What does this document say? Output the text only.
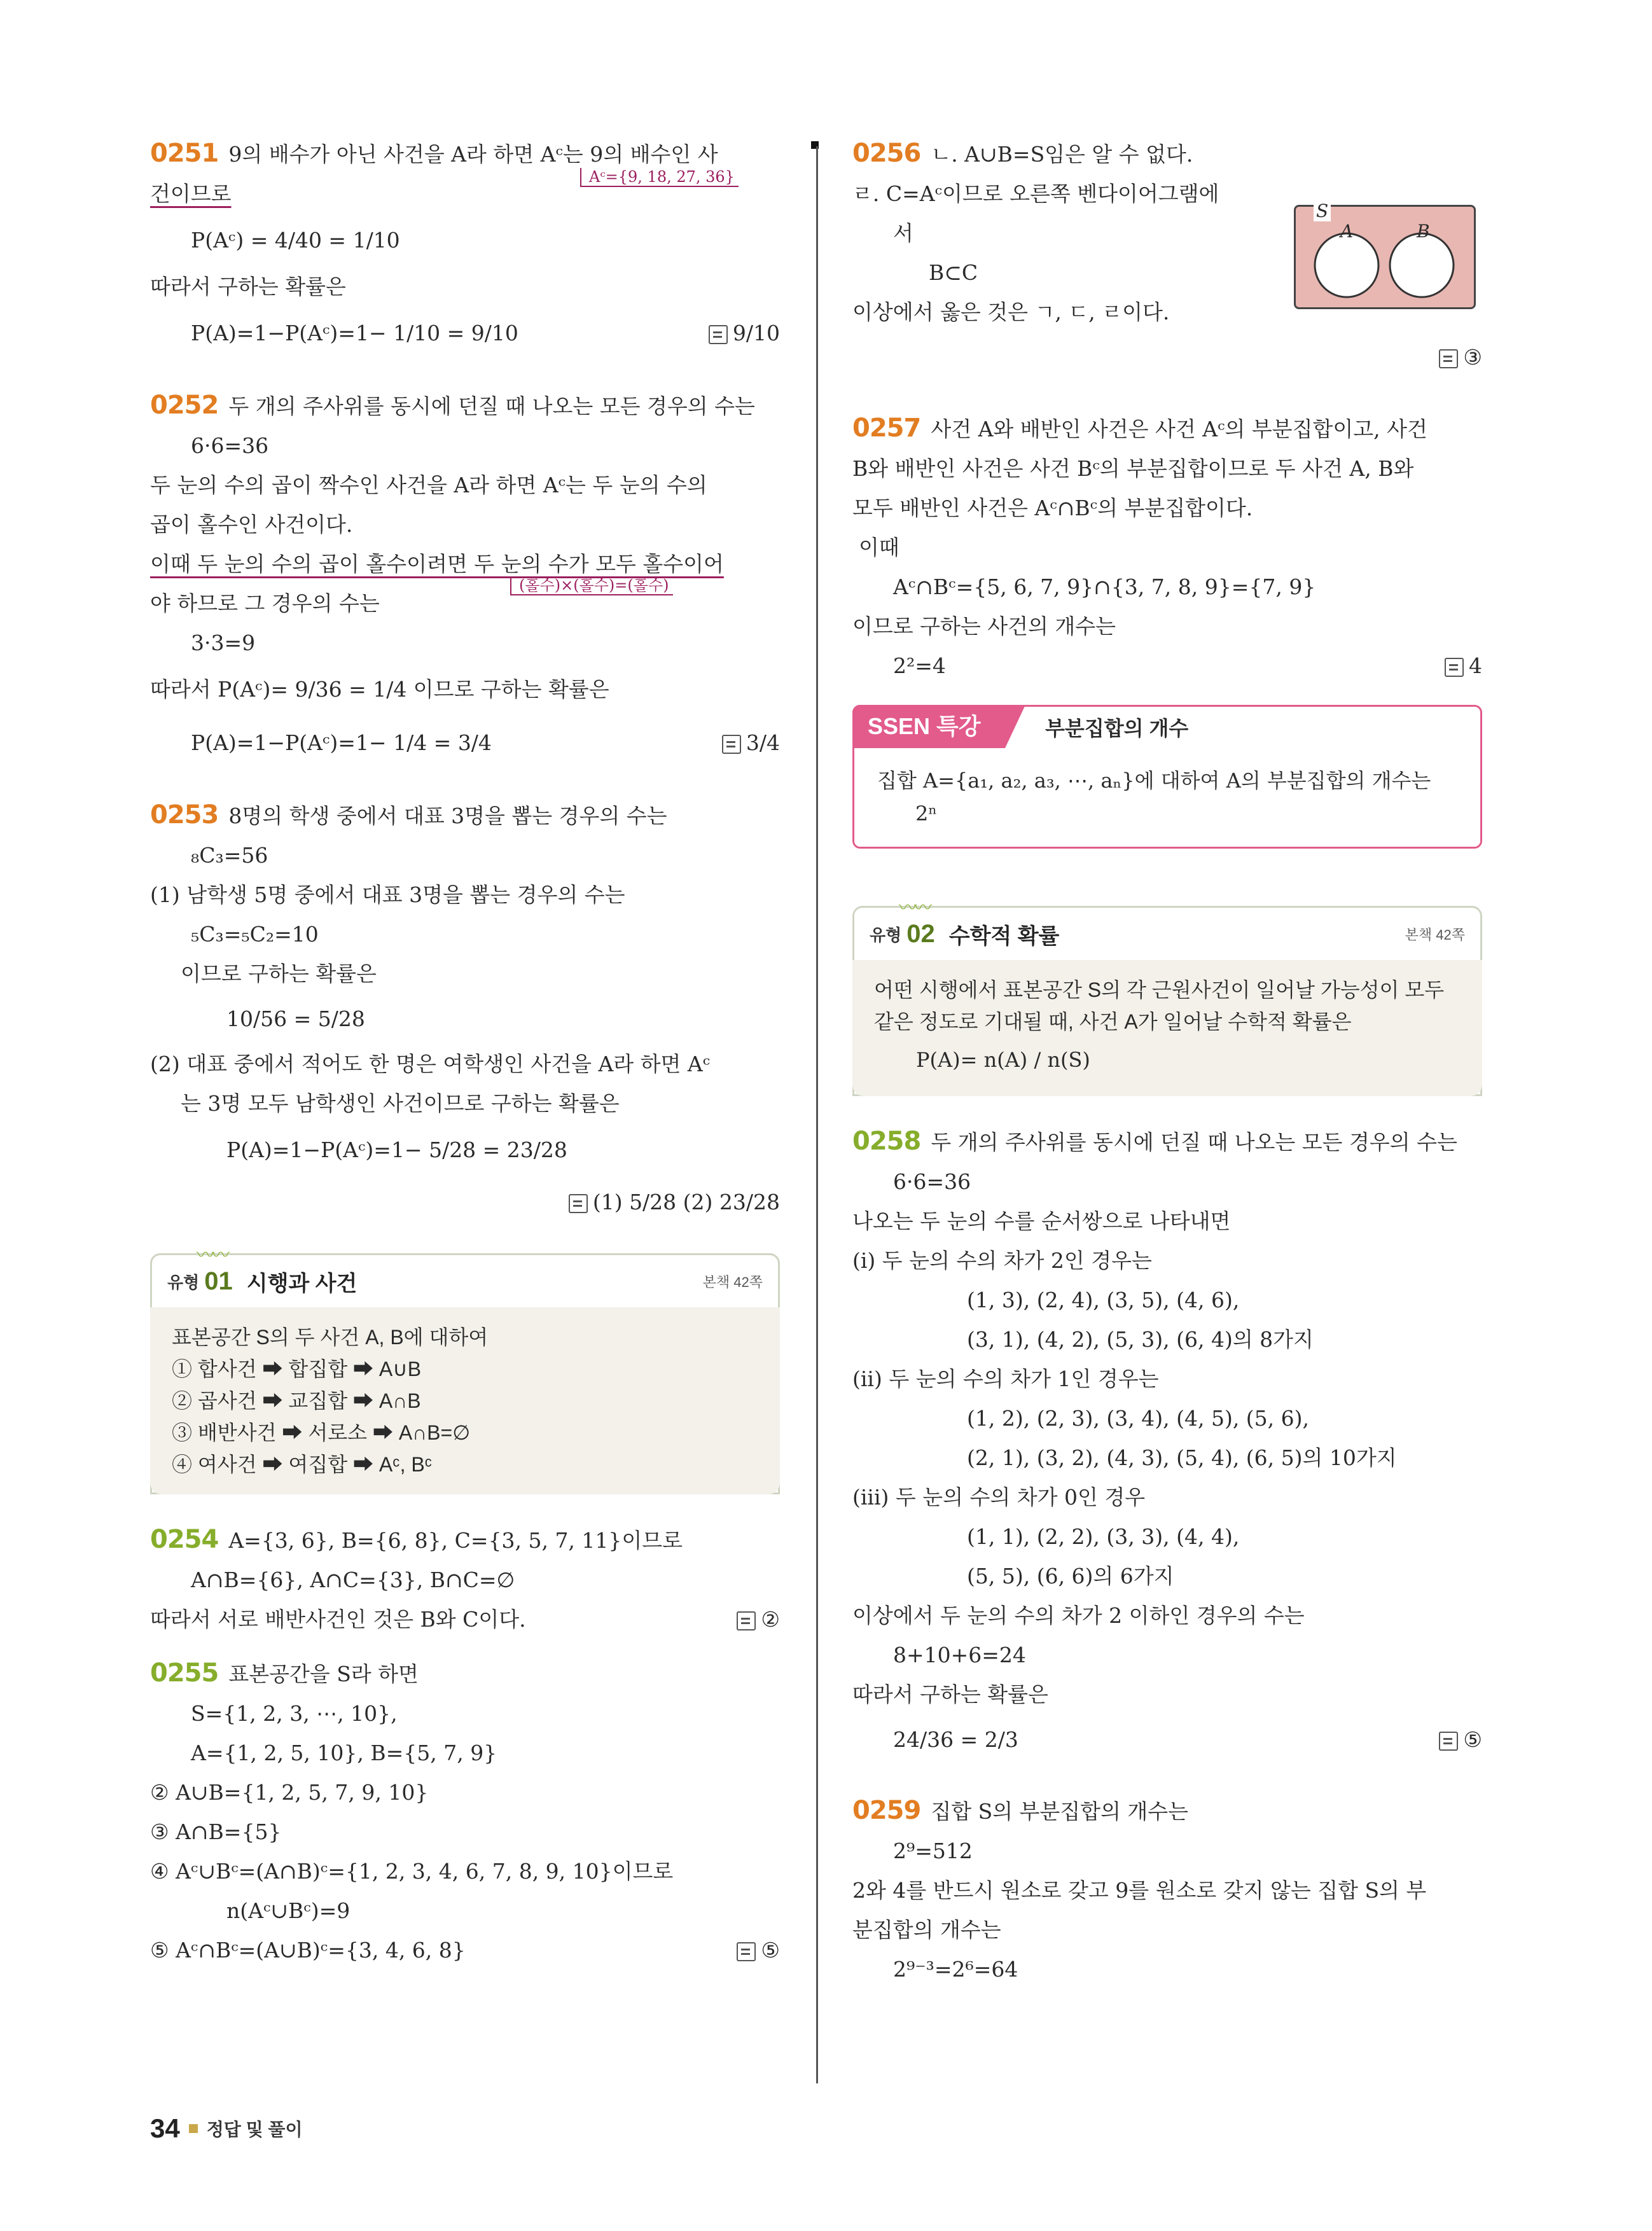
0251 9의 배수가 아닌 사건을 A라 하면 Aᶜ는 9의 배수인 사
Aᶜ={9, 18, 27, 36}
건이므로
P(Aᶜ) = 4/40 = 1/10
따라서 구하는 확률은
P(A)=1−P(Aᶜ)=1− 1/10 = 9/10	9/10
0252 두 개의 주사위를 동시에 던질 때 나오는 모든 경우의 수는
6·6=36
두 눈의 수의 곱이 짝수인 사건을 A라 하면 Aᶜ는 두 눈의 수의
곱이 홀수인 사건이다.
이때 두 눈의 수의 곱이 홀수이려면 두 눈의 수가 모두 홀수이어
(홀수)×(홀수)=(홀수)
야 하므로 그 경우의 수는
3·3=9
따라서 P(Aᶜ)= 9/36 = 1/4 이므로 구하는 확률은
P(A)=1−P(Aᶜ)=1− 1/4 = 3/4	3/4
0253 8명의 학생 중에서 대표 3명을 뽑는 경우의 수는
₈C₃=56
(1) 남학생 5명 중에서 대표 3명을 뽑는 경우의 수는
₅C₃=₅C₂=10
이므로 구하는 확률은
10/56 = 5/28
(2) 대표 중에서 적어도 한 명은 여학생인 사건을 A라 하면 Aᶜ
는 3명 모두 남학생인 사건이므로 구하는 확률은
P(A)=1−P(Aᶜ)=1− 5/28 = 23/28
(1) 5/28 (2) 23/28
〰〰
유형 01 시행과 사건	본책 42쪽
표본공간 S의 두 사건 A, B에 대하여
① 합사건 ➡ 합집합 ➡ A∪B
② 곱사건 ➡ 교집합 ➡ A∩B
③ 배반사건 ➡ 서로소 ➡ A∩B=∅
④ 여사건 ➡ 여집합 ➡ Aᶜ, Bᶜ
0254 A={3, 6}, B={6, 8}, C={3, 5, 7, 11}이므로
A∩B={6}, A∩C={3}, B∩C=∅
따라서 서로 배반사건인 것은 B와 C이다.	②
0255 표본공간을 S라 하면
S={1, 2, 3, ⋯, 10},
A={1, 2, 5, 10}, B={5, 7, 9}
② A∪B={1, 2, 5, 7, 9, 10}
③ A∩B={5}
④ Aᶜ∪Bᶜ=(A∩B)ᶜ={1, 2, 3, 4, 6, 7, 8, 9, 10}이므로
n(Aᶜ∪Bᶜ)=9
⑤ Aᶜ∩Bᶜ=(A∪B)ᶜ={3, 4, 6, 8}	⑤
0256 ㄴ. A∪B=S임은 알 수 없다.
ㄹ. C=Aᶜ이므로 오른쪽 벤다이어그램에
서
B⊂C
이상에서 옳은 것은 ㄱ, ㄷ, ㄹ이다.
③
S
A	B
0257 사건 A와 배반인 사건은 사건 Aᶜ의 부분집합이고, 사건
B와 배반인 사건은 사건 Bᶜ의 부분집합이므로 두 사건 A, B와
모두 배반인 사건은 Aᶜ∩Bᶜ의 부분집합이다.
이때
Aᶜ∩Bᶜ={5, 6, 7, 9}∩{3, 7, 8, 9}={7, 9}
이므로 구하는 사건의 개수는
2²=4	4
SSEN 특강	부분집합의 개수
집합 A={a₁, a₂, a₃, ⋯, aₙ}에 대하여 A의 부분집합의 개수는
2ⁿ
〰〰
유형 02 수학적 확률	본책 42쪽
어떤 시행에서 표본공간 S의 각 근원사건이 일어날 가능성이 모두
같은 정도로 기대될 때, 사건 A가 일어날 수학적 확률은
P(A)= n(A) / n(S)
0258 두 개의 주사위를 동시에 던질 때 나오는 모든 경우의 수는
6·6=36
나오는 두 눈의 수를 순서쌍으로 나타내면
(i) 두 눈의 수의 차가 2인 경우는
(1, 3), (2, 4), (3, 5), (4, 6),
(3, 1), (4, 2), (5, 3), (6, 4)의 8가지
(ii) 두 눈의 수의 차가 1인 경우는
(1, 2), (2, 3), (3, 4), (4, 5), (5, 6),
(2, 1), (3, 2), (4, 3), (5, 4), (6, 5)의 10가지
(iii) 두 눈의 수의 차가 0인 경우
(1, 1), (2, 2), (3, 3), (4, 4),
(5, 5), (6, 6)의 6가지
이상에서 두 눈의 수의 차가 2 이하인 경우의 수는
8+10+6=24
따라서 구하는 확률은
24/36 = 2/3	⑤
0259 집합 S의 부분집합의 개수는
2⁹=512
2와 4를 반드시 원소로 갖고 9를 원소로 갖지 않는 집합 S의 부
분집합의 개수는
2⁹⁻³=2⁶=64
34 정답 및 풀이
